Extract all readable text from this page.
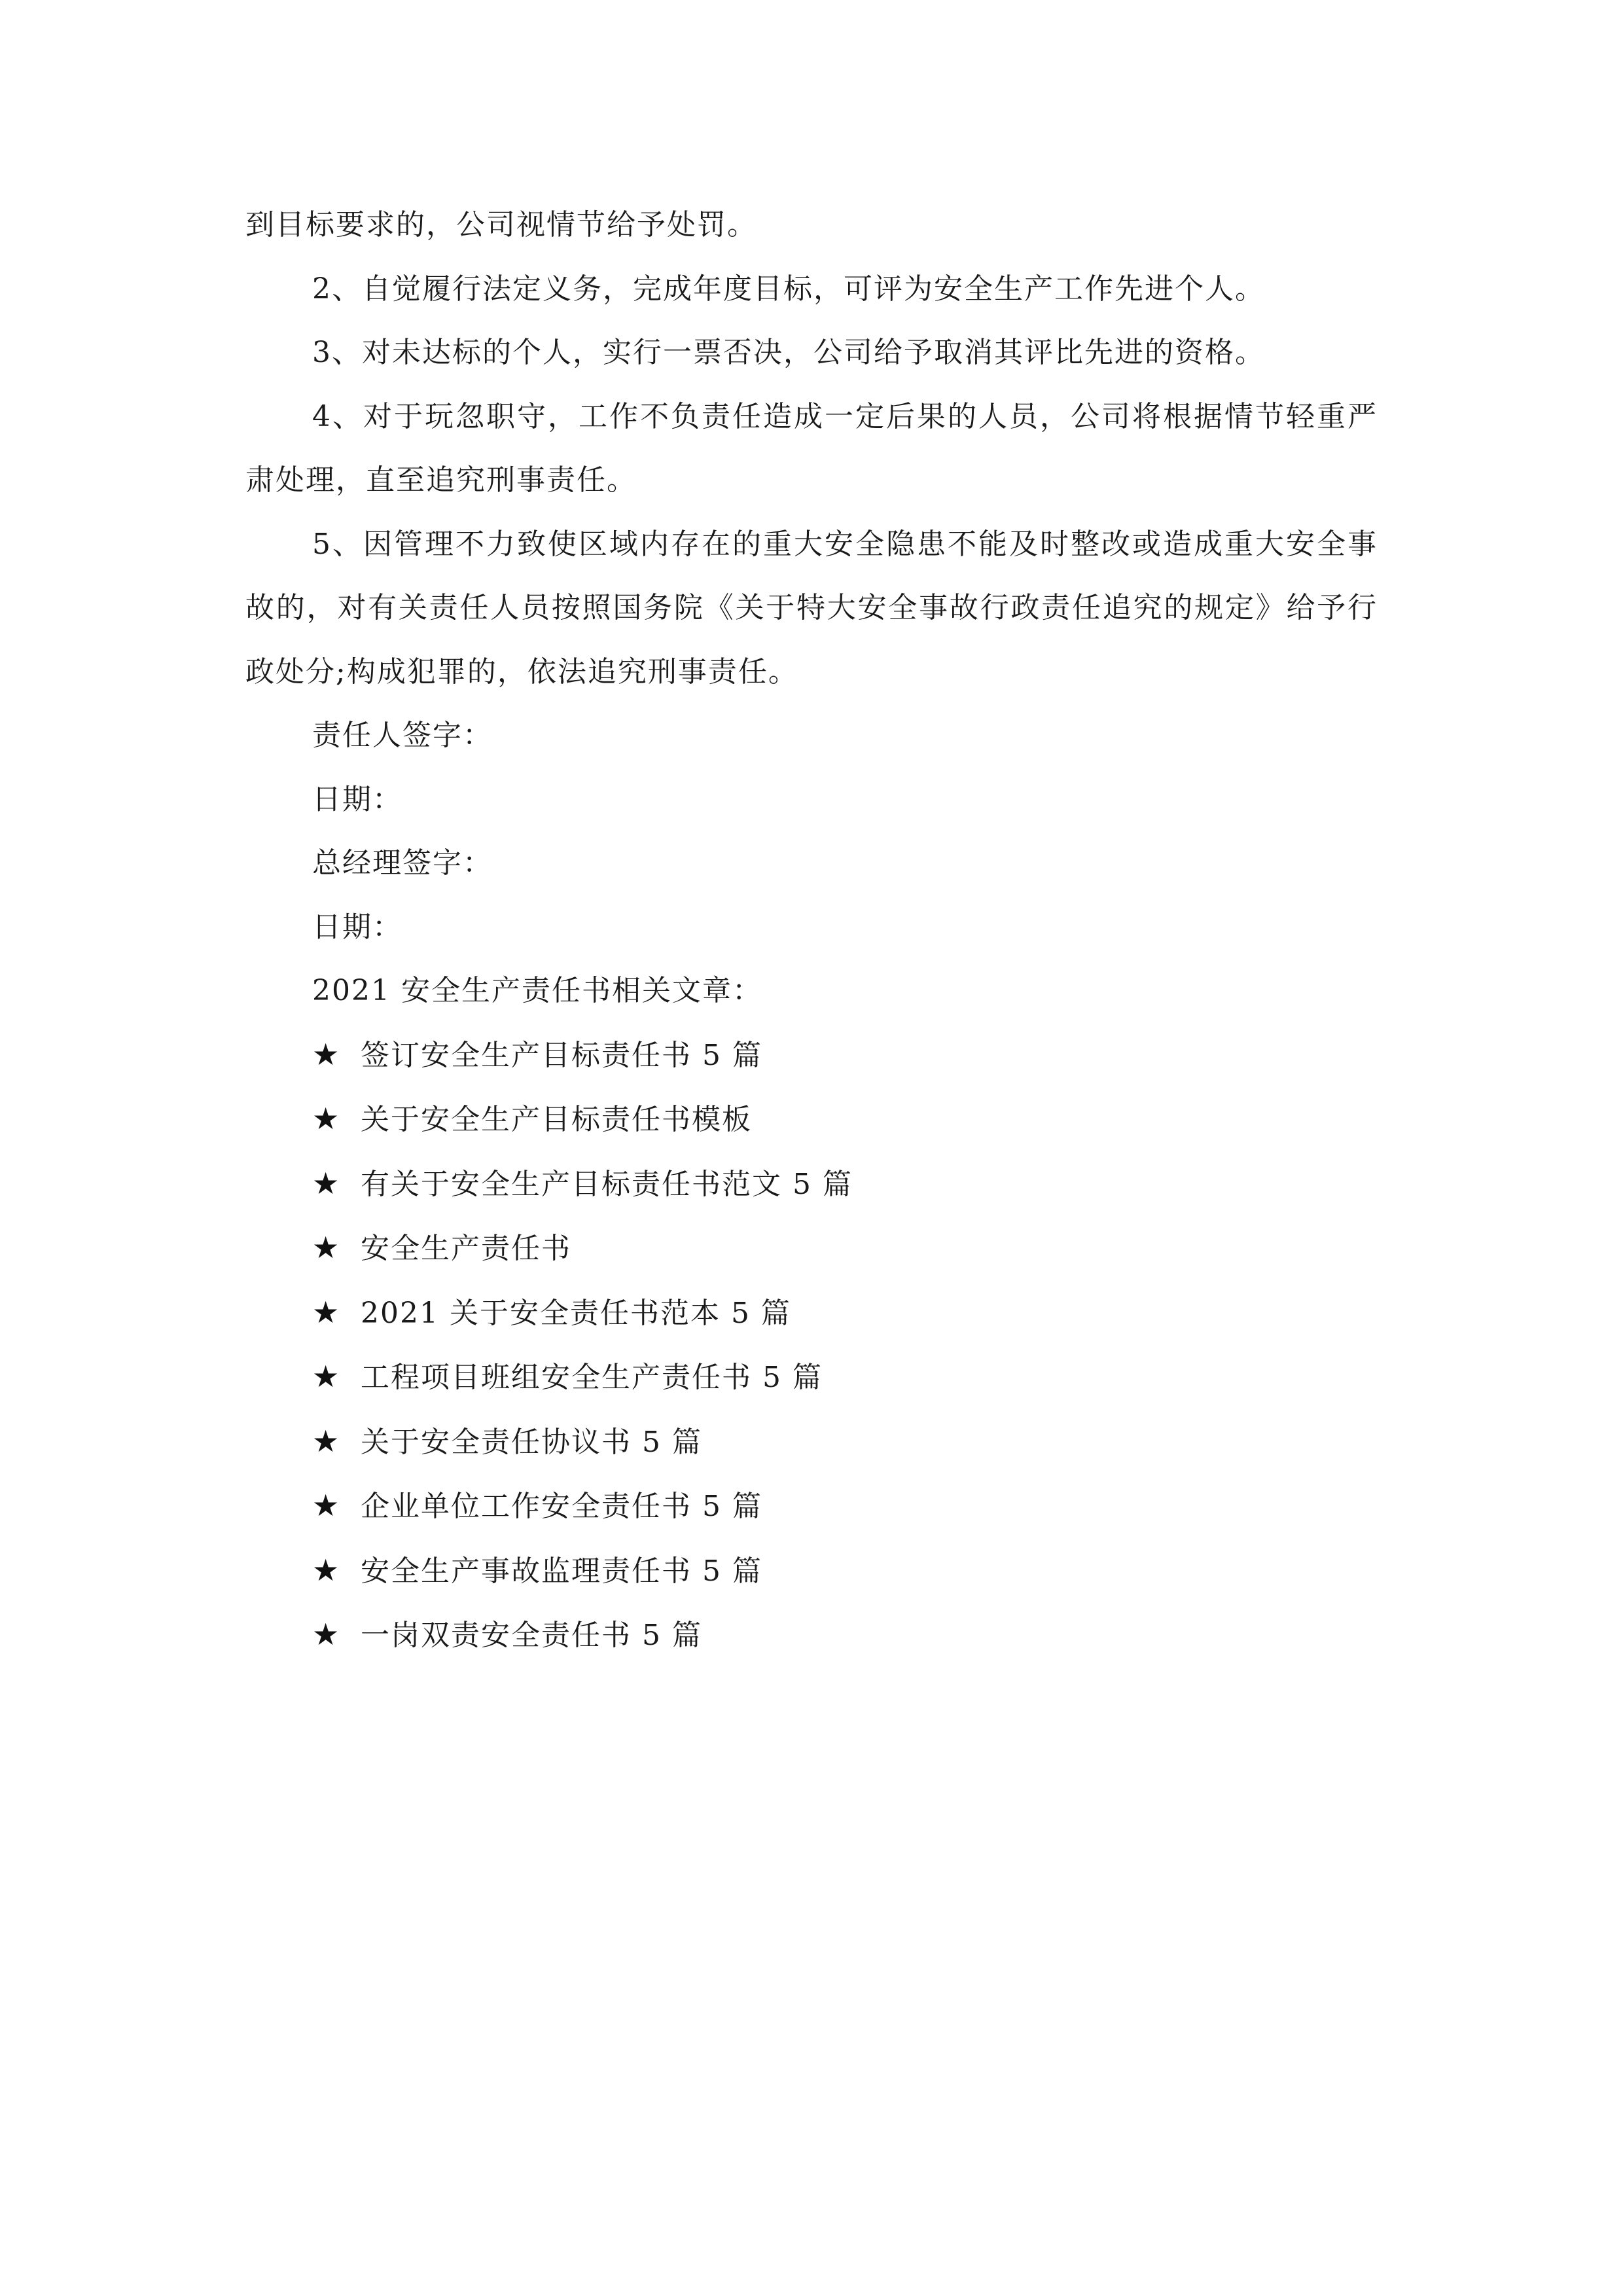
到目标要求的，公司视情节给予处罚。

2、自觉履行法定义务，完成年度目标，可评为安全生产工作先进个人。

3、对未达标的个人，实行一票否决，公司给予取消其评比先进的资格。

4、对于玩忽职守，工作不负责任造成一定后果的人员，公司将根据情节轻重严肃处理，直至追究刑事责任。

5、因管理不力致使区域内存在的重大安全隐患不能及时整改或造成重大安全事故的，对有关责任人员按照国务院《关于特大安全事故行政责任追究的规定》给予行政处分;构成犯罪的，依法追究刑事责任。

责任人签字：

日期：

总经理签字：

日期：

2021 安全生产责任书相关文章：

★ 签订安全生产目标责任书 5 篇
★ 关于安全生产目标责任书模板
★ 有关于安全生产目标责任书范文 5 篇
★ 安全生产责任书
★ 2021 关于安全责任书范本 5 篇
★ 工程项目班组安全生产责任书 5 篇
★ 关于安全责任协议书 5 篇
★ 企业单位工作安全责任书 5 篇
★ 安全生产事故监理责任书 5 篇
★ 一岗双责安全责任书 5 篇
